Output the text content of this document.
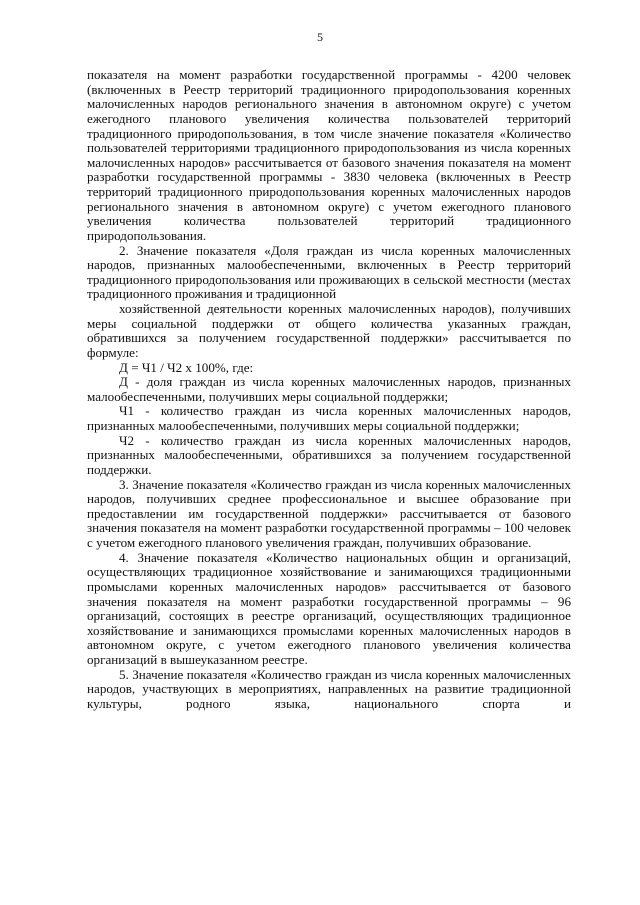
5

показателя на момент разработки государственной программы - 4200 человек (включенных в Реестр территорий традиционного природопользования коренных малочисленных народов регионального значения в автономном округе) с учетом ежегодного планового увеличения количества пользователей территорий традиционного природопользования, в том числе значение показателя «Количество пользователей территориями традиционного природопользования из числа коренных малочисленных народов» рассчитывается от базового значения показателя на момент разработки государственной программы - 3830 человека (включенных в Реестр территорий традиционного природопользования коренных малочисленных народов регионального значения в автономном округе) с учетом ежегодного планового увеличения количества пользователей территорий традиционного природопользования.

2. Значение показателя «Доля граждан из числа коренных малочисленных народов, признанных малообеспеченными, включенных в Реестр территорий традиционного природопользования или проживающих в сельской местности (местах традиционного проживания и традиционной

хозяйственной деятельности коренных малочисленных народов), получивших меры социальной поддержки от общего количества указанных граждан, обратившихся за получением государственной поддержки» рассчитывается по формуле:

Д = Ч1 / Ч2 х 100%, где:

Д - доля граждан из числа коренных малочисленных народов, признанных малообеспеченными, получивших меры социальной поддержки;

Ч1 - количество граждан из числа коренных малочисленных народов, признанных малообеспеченными, получивших меры социальной поддержки;

Ч2 - количество граждан из числа коренных малочисленных народов, признанных малообеспеченными, обратившихся за получением государственной поддержки.

3. Значение показателя «Количество граждан из числа коренных малочисленных народов, получивших среднее профессиональное и высшее образование при предоставлении им государственной поддержки» рассчитывается от базового значения показателя на момент разработки государственной программы – 100 человек с учетом ежегодного планового увеличения граждан, получивших образование.

4. Значение показателя «Количество национальных общин и организаций, осуществляющих традиционное хозяйствование и занимающихся традиционными промыслами коренных малочисленных народов» рассчитывается от базового значения показателя на момент разработки государственной программы – 96 организаций, состоящих в реестре организаций, осуществляющих традиционное хозяйствование и занимающихся промыслами коренных малочисленных народов в автономном округе, с учетом ежегодного планового увеличения количества организаций в вышеуказанном реестре.

5. Значение показателя «Количество граждан из числа коренных малочисленных народов, участвующих в мероприятиях, направленных на развитие традиционной культуры, родного языка, национального спорта и
